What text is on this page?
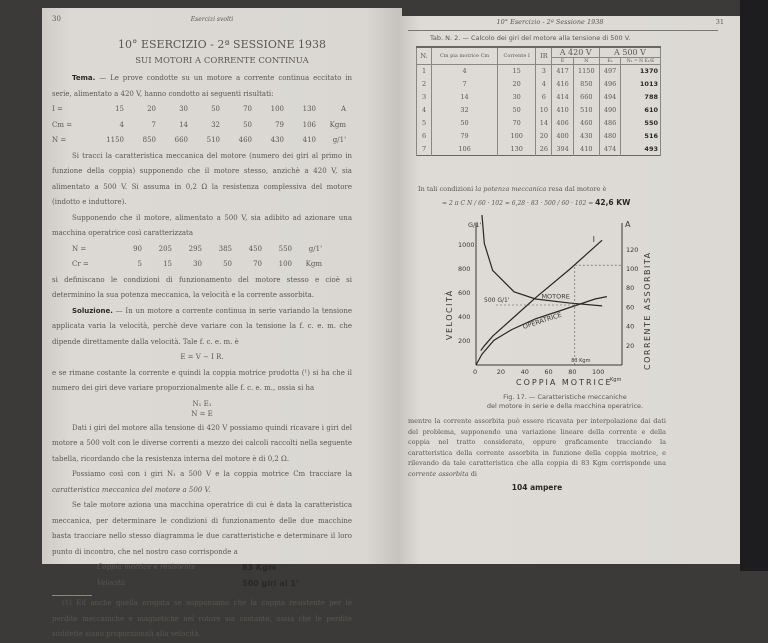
30	Esercizi svolti
10° ESERCIZIO - 2ª SESSIONE 1938
SUI MOTORI A CORRENTE CONTINUA

Tema. — Le prove condotte su un motore a corrente continua eccitato in serie, alimentato a 420 V, hanno condotto ai seguenti risultati:

I =	15	20	30	50	70	100	130	A
Cm =	4	7	14	32	50	79	106	Kgm
N =	1150	850	660	510	460	430	410	g/1'

Si tracci la caratteristica meccanica del motore (numero dei giri al primo in funzione della coppia) supponendo che il motore stesso, anzichè a 420 V, sia alimentato a 500 V. Si assuma in 0,2 Ω la resistenza complessiva del motore (indotto e induttore).

Supponendo che il motore, alimentato a 500 V, sia adibito ad azionare una macchina operatrice così caratterizzata

N =	90	205	295	385	450	550	g/1'
Cr =	5	15	30	50	70	100	Kgm

si definiscano le condizioni di funzionamento del motore stesso e cioè si determinino la sua potenza meccanica, la velocità e la corrente assorbita.

Soluzione. — In un motore a corrente continua in serie variando la tensione applicata varia la velocità, perchè deve variare con la tensione la f. c. e. m. che dipende direttamente dalla velocità. Tale f. c. e. m. è

E = V − I R.

e se rimane costante la corrente e quindi la coppia motrice prodotta (¹) si ha che il numero dei giri deve variare proporzionalmente alle f. c. e. m., ossia si ha

N₁ E₁
N = E

Dati i giri del motore alla tensione di 420 V possiamo quindi ricavare i giri del motore a 500 volt con le diverse correnti a mezzo dei calcoli raccolti nella seguente tabella, ricordando che la resistenza interna del motore è di 0,2 Ω.

Possiamo così con i giri N₁ a 500 V e la coppia motrice Cm tracciare la caratteristica meccanica del motore a 500 V.

Se tale motore aziona una macchina operatrice di cui è data la caratteristica meccanica, per determinare le condizioni di funzionamento delle due macchine basta tracciare nello stesso diagramma le due caratteristiche e determinare il loro punto di incontro, che nel nostro caso corrisponde a

Coppia motrice e resistente	83 Kgm
Velocità	500 giri al 1'

(1) Ed anche quella erogata se supponiamo che la coppia resistente per le perdite meccaniche e magnetiche nel rotore sia costante, ossia che le perdite suddette siano proporzionali alla velocità.

10° Esercizio - 2ª Sessione 1938	31
Tab. N. 2. — Calcolo dei giri del motore alla tensione di 500 V.
N.	Cm pia motrice Cm	Corrente I	IR	A 420 V		A 500 V	
				E	N	E₁	N₁ = N E₁/E
1	4	15	3	417	1150	497	1370
2	7	20	4	416	850	496	1013
3	14	30	6	414	660	494	788
4	32	50	10	410	510	490	610
5	50	70	14	406	460	486	550
6	79	100	20	400	430	480	516
7	106	130	26	394	410	474	493
In tali condizioni la potenza meccanica resa dal motore è
= 2 π C N / 60 · 102 = 6,28 · 83 · 500 / 60 · 102 = 42,6 KW
0	20 40 60 80 100
200
400
600
800
1000
20
40
60
80
100
120
COPPIA MOTRICE
Kgm
G/1'	A
VELOCITÀ	CORRENTE ASSORBITA
MOTORE
OPERATRICE
I
500 G/1'
83 Kgm
Fig. 17. — Caratteristiche meccaniche
del motore in serie e della macchina operatrice.

mentre la corrente assorbita può essere ricavata per interpolazione dai dati del problema, supponendo una variazione lineare della corrente e della coppia nel tratto considerato, oppure graficamente tracciando la caratteristica della corrente assorbita in funzione della coppia motrice, e rilevando da tale caratteristica che alla coppia di 83 Kgm corrisponde una corrente assorbita di

104 ampere
